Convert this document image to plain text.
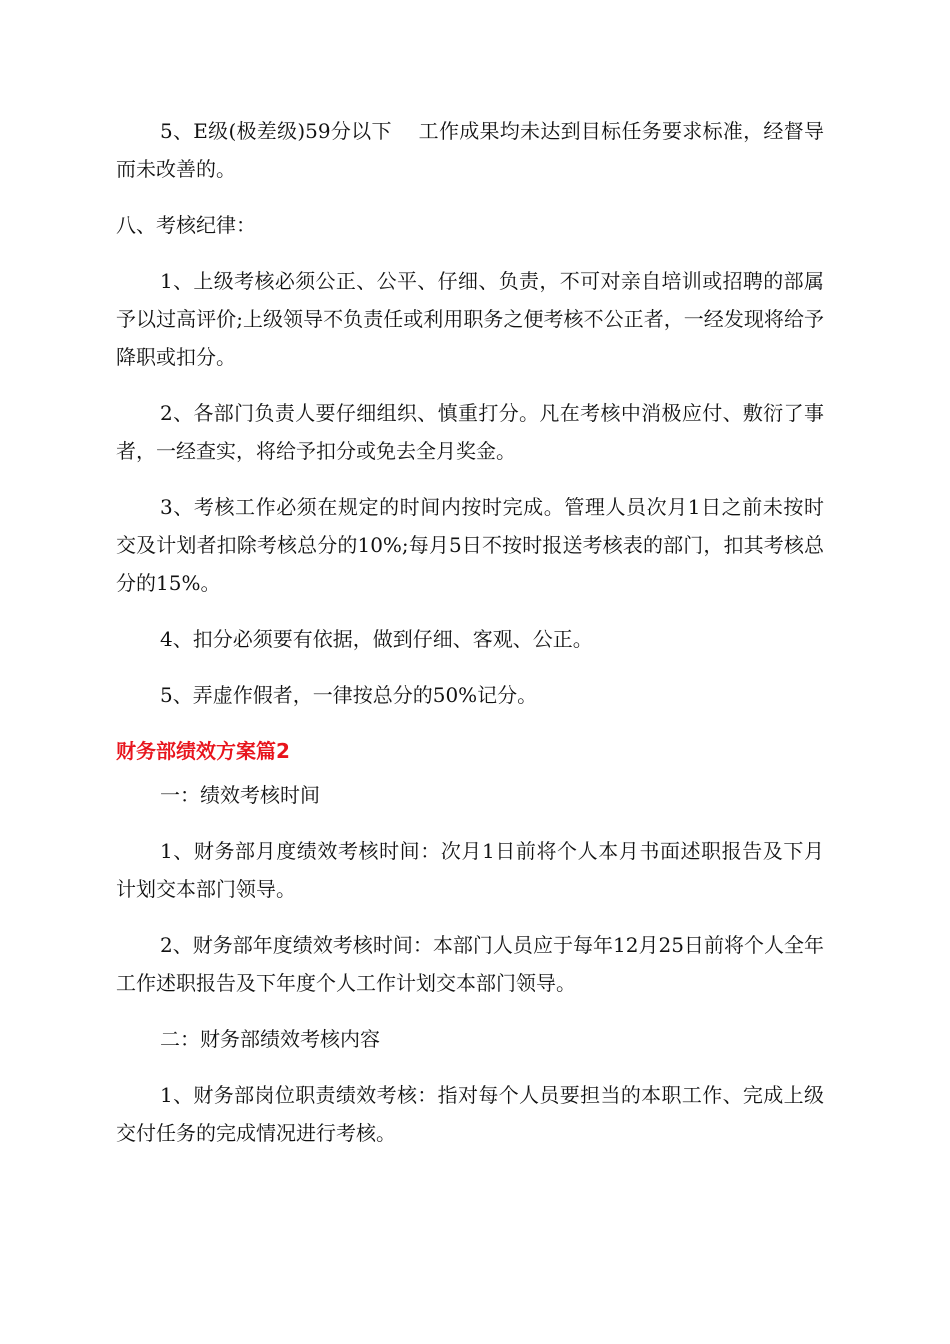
5、E级(极差级)59分以下　 工作成果均未达到目标任务要求标准，经督导而未改善的。

八、考核纪律：

1、上级考核必须公正、公平、仔细、负责，不可对亲自培训或招聘的部属予以过高评价;上级领导不负责任或利用职务之便考核不公正者，一经发现将给予降职或扣分。

2、各部门负责人要仔细组织、慎重打分。凡在考核中消极应付、敷衍了事者，一经查实，将给予扣分或免去全月奖金。

3、考核工作必须在规定的时间内按时完成。管理人员次月1日之前未按时交及计划者扣除考核总分的10%;每月5日不按时报送考核表的部门，扣其考核总分的15%。

4、扣分必须要有依据，做到仔细、客观、公正。

5、弄虚作假者，一律按总分的50%记分。

财务部绩效方案篇2

一：绩效考核时间

1、财务部月度绩效考核时间：次月1日前将个人本月书面述职报告及下月计划交本部门领导。

2、财务部年度绩效考核时间：本部门人员应于每年12月25日前将个人全年工作述职报告及下年度个人工作计划交本部门领导。

二：财务部绩效考核内容

1、财务部岗位职责绩效考核：指对每个人员要担当的本职工作、完成上级交付任务的完成情况进行考核。
